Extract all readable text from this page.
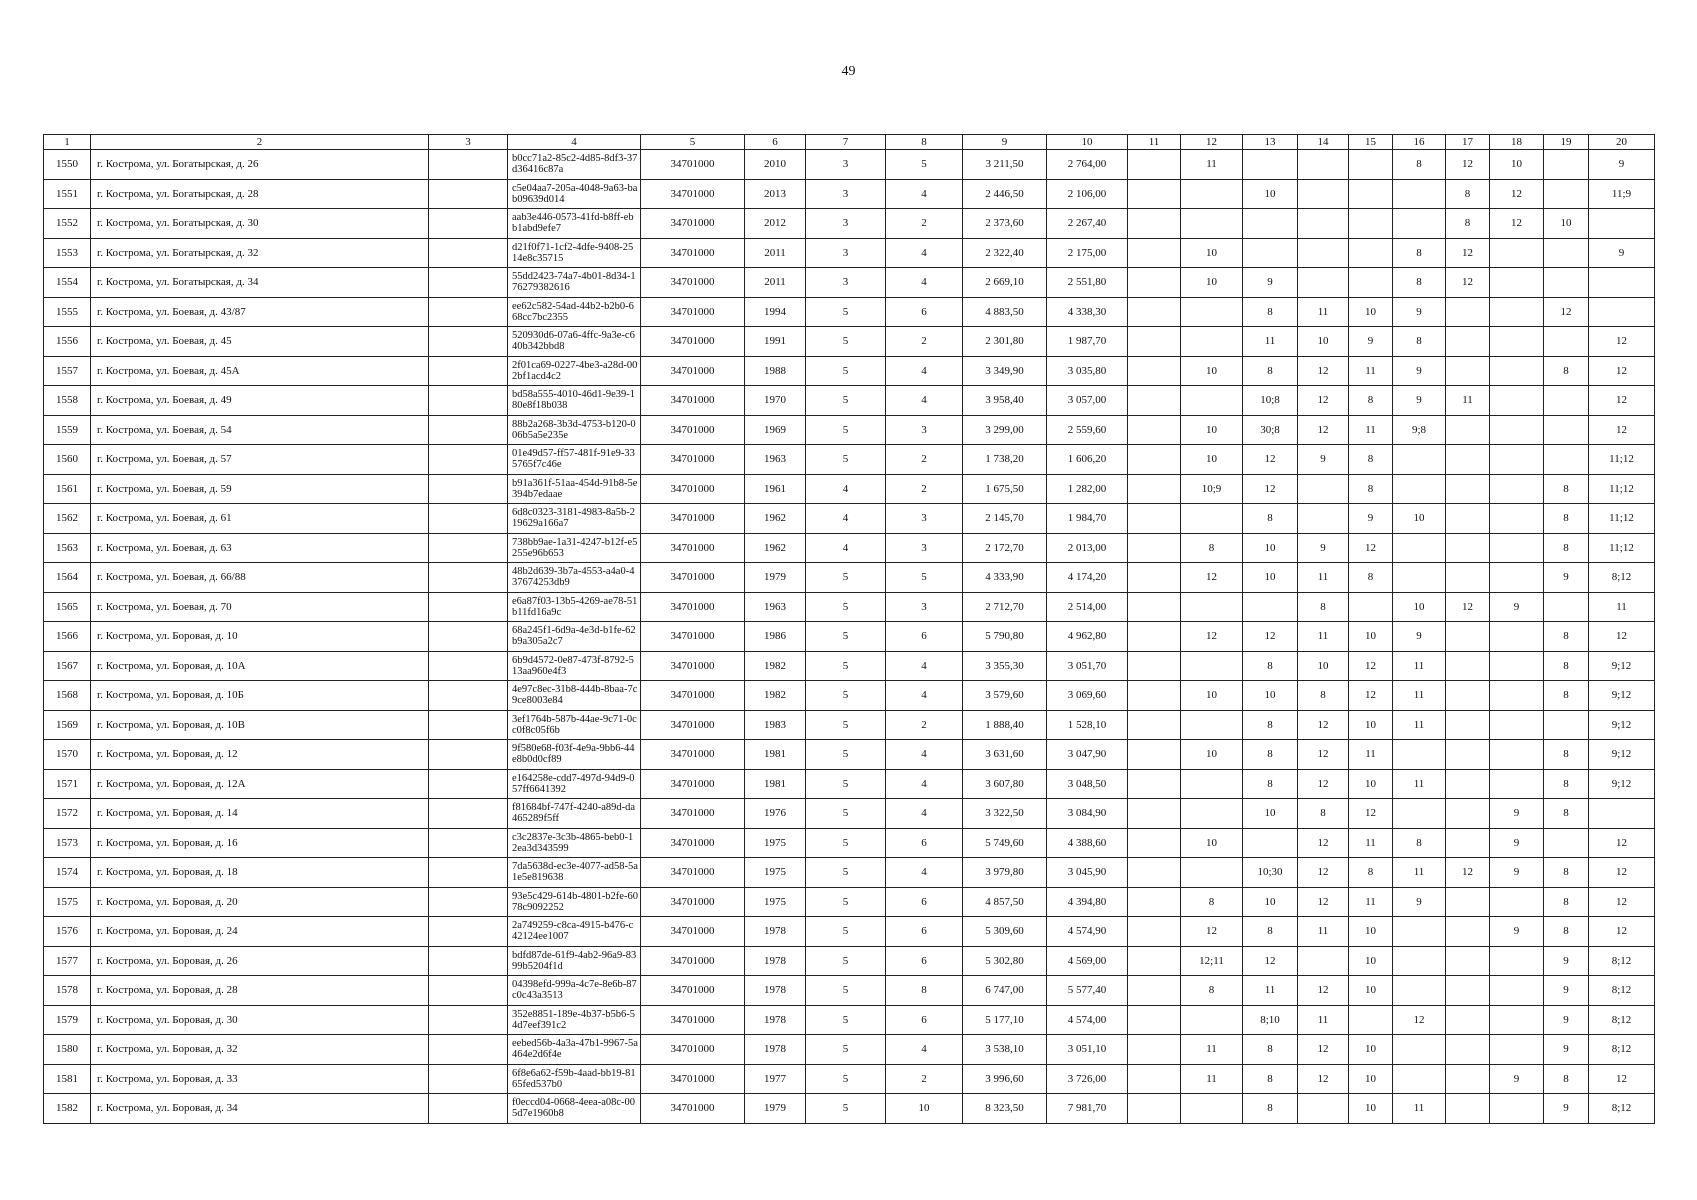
49
1	2	3	4	5	6	7	8	9	10	11	12	13	14	15	16	17	18	19	20
1550	г. Кострома, ул. Богатырская, д. 26		b0cc71a2-85c2-4d85-8df3-37d36416c87a	34701000	2010	3	5	3 211,50	2 764,00		11				8	12	10		9
1551	г. Кострома, ул. Богатырская, д. 28		c5e04aa7-205a-4048-9a63-bab09639d014	34701000	2013	3	4	2 446,50	2 106,00			10				8	12		11;9
1552	г. Кострома, ул. Богатырская, д. 30		aab3e446-0573-41fd-b8ff-ebb1abd9efe7	34701000	2012	3	2	2 373,60	2 267,40							8	12	10	
1553	г. Кострома, ул. Богатырская, д. 32		d21f0f71-1cf2-4dfe-9408-2514e8c35715	34701000	2011	3	4	2 322,40	2 175,00		10				8	12			9
1554	г. Кострома, ул. Богатырская, д. 34		55dd2423-74a7-4b01-8d34-176279382616	34701000	2011	3	4	2 669,10	2 551,80		10	9			8	12			
1555	г. Кострома, ул. Боевая, д. 43/87		ee62c582-54ad-44b2-b2b0-668cc7bc2355	34701000	1994	5	6	4 883,50	4 338,30			8	11	10	9			12	
1556	г. Кострома, ул. Боевая, д. 45		520930d6-07a6-4ffc-9a3e-c640b342bbd8	34701000	1991	5	2	2 301,80	1 987,70			11	10	9	8				12
1557	г. Кострома, ул. Боевая, д. 45А		2f01ca69-0227-4be3-a28d-002bf1acd4c2	34701000	1988	5	4	3 349,90	3 035,80		10	8	12	11	9			8	12
1558	г. Кострома, ул. Боевая, д. 49		bd58a555-4010-46d1-9e39-180e8f18b038	34701000	1970	5	4	3 958,40	3 057,00			10;8	12	8	9	11			12
1559	г. Кострома, ул. Боевая, д. 54		88b2a268-3b3d-4753-b120-006b5a5e235e	34701000	1969	5	3	3 299,00	2 559,60		10	30;8	12	11	9;8				12
1560	г. Кострома, ул. Боевая, д. 57		01e49d57-ff57-481f-91e9-335765f7c46e	34701000	1963	5	2	1 738,20	1 606,20		10	12	9	8					11;12
1561	г. Кострома, ул. Боевая, д. 59		b91a361f-51aa-454d-91b8-5e394b7edaae	34701000	1961	4	2	1 675,50	1 282,00		10;9	12		8				8	11;12
1562	г. Кострома, ул. Боевая, д. 61		6d8c0323-3181-4983-8a5b-219629a166a7	34701000	1962	4	3	2 145,70	1 984,70			8		9	10			8	11;12
1563	г. Кострома, ул. Боевая, д. 63		738bb9ae-1a31-4247-b12f-e5255e96b653	34701000	1962	4	3	2 172,70	2 013,00		8	10	9	12				8	11;12
1564	г. Кострома, ул. Боевая, д. 66/88		48b2d639-3b7a-4553-a4a0-437674253db9	34701000	1979	5	5	4 333,90	4 174,20		12	10	11	8				9	8;12
1565	г. Кострома, ул. Боевая, д. 70		e6a87f03-13b5-4269-ae78-51b11fd16a9c	34701000	1963	5	3	2 712,70	2 514,00				8		10	12	9		11
1566	г. Кострома, ул. Боровая, д. 10		68a245f1-6d9a-4e3d-b1fe-62b9a305a2c7	34701000	1986	5	6	5 790,80	4 962,80		12	12	11	10	9			8	12
1567	г. Кострома, ул. Боровая, д. 10А		6b9d4572-0e87-473f-8792-513aa960e4f3	34701000	1982	5	4	3 355,30	3 051,70			8	10	12	11			8	9;12
1568	г. Кострома, ул. Боровая, д. 10Б		4e97c8ec-31b8-444b-8baa-7c9ce8003e84	34701000	1982	5	4	3 579,60	3 069,60		10	10	8	12	11			8	9;12
1569	г. Кострома, ул. Боровая, д. 10В		3ef1764b-587b-44ae-9c71-0cc0f8c05f6b	34701000	1983	5	2	1 888,40	1 528,10			8	12	10	11				9;12
1570	г. Кострома, ул. Боровая, д. 12		9f580e68-f03f-4e9a-9bb6-44e8b0d0cf89	34701000	1981	5	4	3 631,60	3 047,90		10	8	12	11				8	9;12
1571	г. Кострома, ул. Боровая, д. 12А		e164258e-cdd7-497d-94d9-057ff6641392	34701000	1981	5	4	3 607,80	3 048,50			8	12	10	11			8	9;12
1572	г. Кострома, ул. Боровая, д. 14		f81684bf-747f-4240-a89d-da465289f5ff	34701000	1976	5	4	3 322,50	3 084,90			10	8	12			9	8	
1573	г. Кострома, ул. Боровая, д. 16		c3c2837e-3c3b-4865-beb0-12ea3d343599	34701000	1975	5	6	5 749,60	4 388,60		10		12	11	8		9		12
1574	г. Кострома, ул. Боровая, д. 18		7da5638d-ec3e-4077-ad58-5a1e5e819638	34701000	1975	5	4	3 979,80	3 045,90			10;30	12	8	11	12	9	8	12
1575	г. Кострома, ул. Боровая, д. 20		93e5c429-614b-4801-b2fe-6078c9092252	34701000	1975	5	6	4 857,50	4 394,80		8	10	12	11	9			8	12
1576	г. Кострома, ул. Боровая, д. 24		2a749259-c8ca-4915-b476-c42124ee1007	34701000	1978	5	6	5 309,60	4 574,90		12	8	11	10			9	8	12
1577	г. Кострома, ул. Боровая, д. 26		bdfd87de-61f9-4ab2-96a9-8399b5204f1d	34701000	1978	5	6	5 302,80	4 569,00		12;11	12		10				9	8;12
1578	г. Кострома, ул. Боровая, д. 28		04398efd-999a-4c7e-8e6b-87c0c43a3513	34701000	1978	5	8	6 747,00	5 577,40		8	11	12	10				9	8;12
1579	г. Кострома, ул. Боровая, д. 30		352e8851-189e-4b37-b5b6-54d7eef391c2	34701000	1978	5	6	5 177,10	4 574,00			8;10	11		12			9	8;12
1580	г. Кострома, ул. Боровая, д. 32		eebed56b-4a3a-47b1-9967-5a464e2d6f4e	34701000	1978	5	4	3 538,10	3 051,10		11	8	12	10				9	8;12
1581	г. Кострома, ул. Боровая, д. 33		6f8e6a62-f59b-4aad-bb19-8165fed537b0	34701000	1977	5	2	3 996,60	3 726,00		11	8	12	10			9	8	12
1582	г. Кострома, ул. Боровая, д. 34		f0eccd04-0668-4eea-a08c-005d7e1960b8	34701000	1979	5	10	8 323,50	7 981,70			8		10	11			9	8;12
